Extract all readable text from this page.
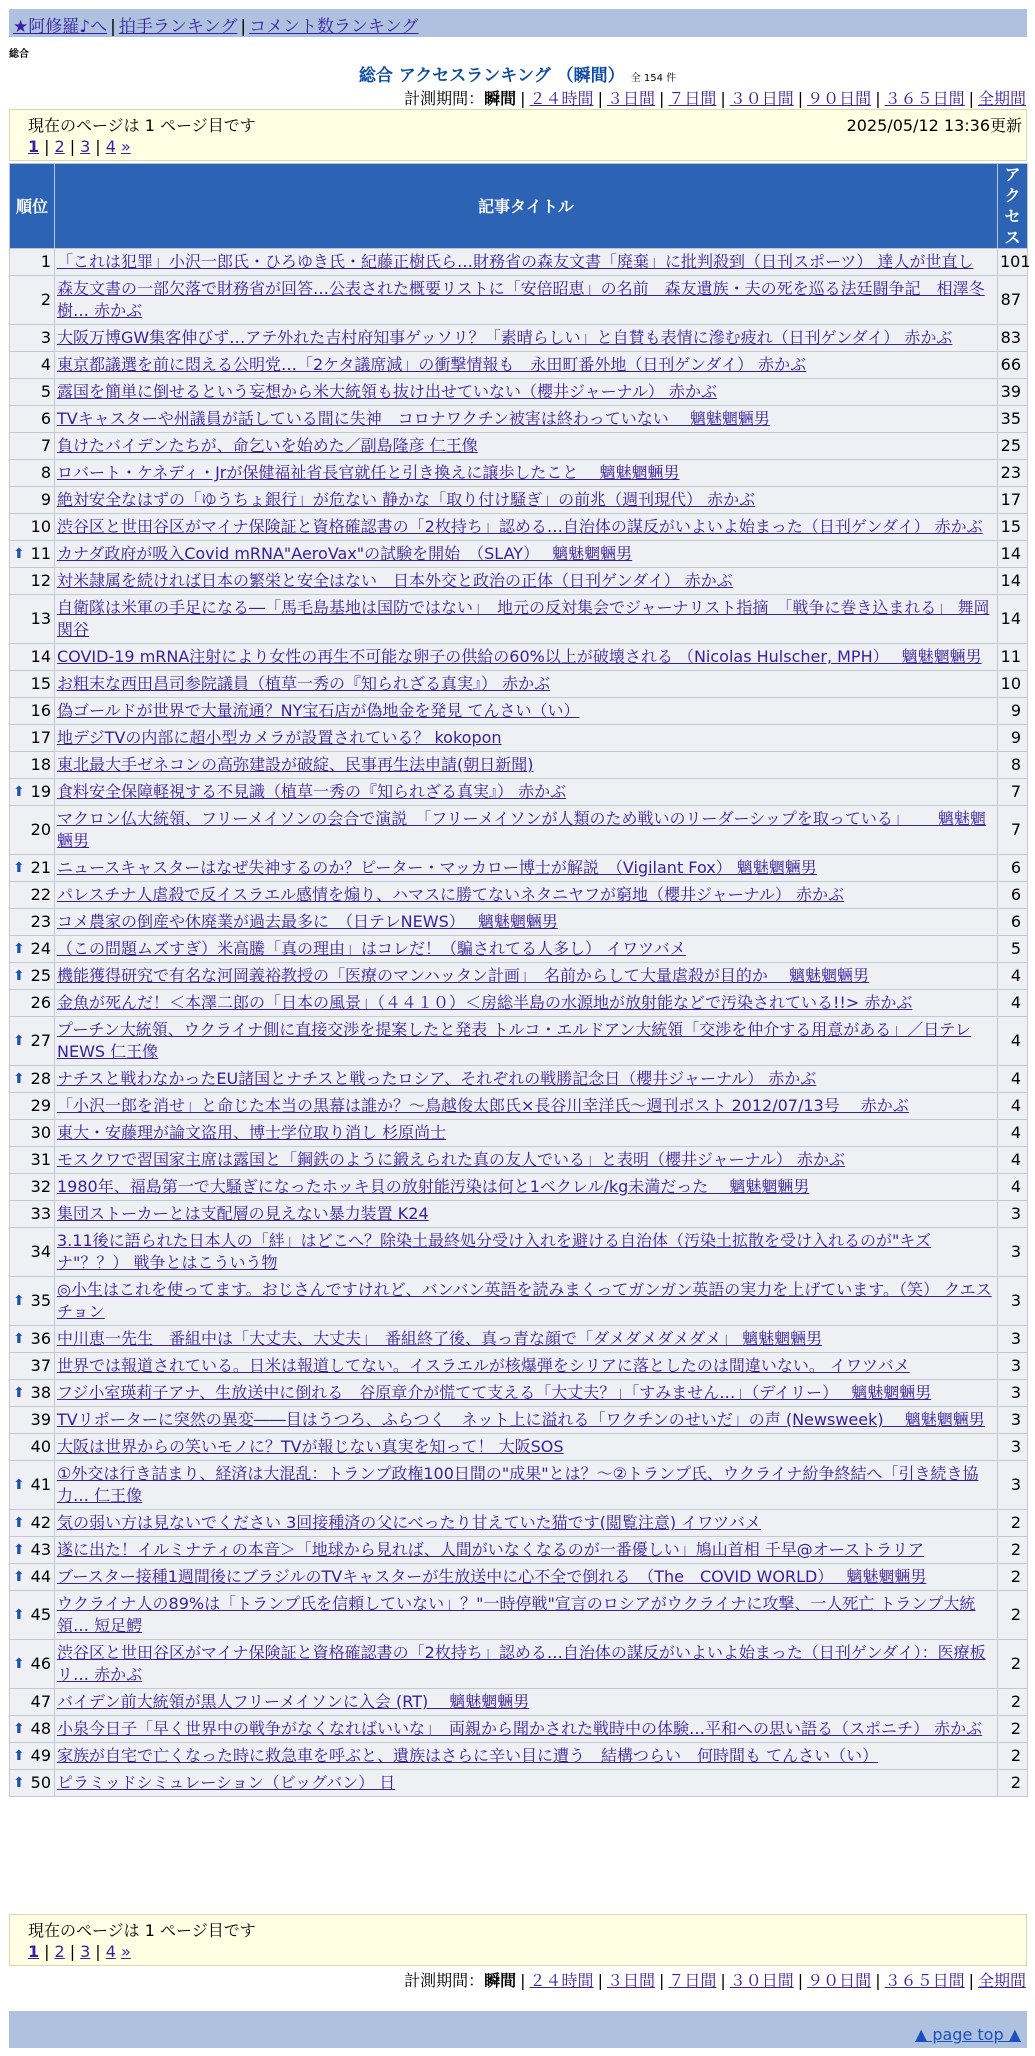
★阿修羅♪へ | 拍手ランキング | コメント数ランキング
総合
総合 アクセスランキング （瞬間） 全 154 件
計測期間：瞬間 | ２４時間 | ３日間 | ７日間 | ３０日間 | ９０日間 | ３６５日間 | 全期間
現在のページは 1 ページ目です	2025/05/12 13:36更新
1 | 2 | 3 | 4 »
順位	記事タイトル	アクセス
1	「これは犯罪」小沢一郎氏・ひろゆき氏・紀藤正樹氏ら…財務省の森友文書「廃棄」に批判殺到（日刊スポーツ） 達人が世直し	101
2	森友文書の一部欠落で財務省が回答…公表された概要リストに「安倍昭恵」の名前　森友遺族・夫の死を巡る法廷闘争記　相澤冬樹… 赤かぶ	87
3	大阪万博GW集客伸びず…アテ外れた吉村府知事ゲッソリ？「素晴らしい」と自賛も表情に滲む疲れ（日刊ゲンダイ） 赤かぶ	83
4	東京都議選を前に悶える公明党…「2ケタ議席減」の衝撃情報も　永田町番外地（日刊ゲンダイ） 赤かぶ	66
5	露国を簡単に倒せるという妄想から米大統領も抜け出せていない（櫻井ジャーナル） 赤かぶ	39
6	TVキャスターや州議員が話している間に失神　コロナワクチン被害は終わっていない　 魑魅魍魎男	35
7	負けたバイデンたちが、命乞いを始めた／副島隆彦 仁王像	25
8	ロバート・ケネディ・Jrが保健福祉省長官就任と引き換えに譲歩したこと　 魑魅魍魎男	23
9	絶対安全なはずの「ゆうちょ銀行」が危ない 静かな「取り付け騒ぎ」の前兆（週刊現代） 赤かぶ	17
10	渋谷区と世田谷区がマイナ保険証と資格確認書の「2枚持ち」認める…自治体の謀反がいよいよ始まった（日刊ゲンダイ） 赤かぶ	15

⬆ 11	カナダ政府が吸入Covid mRNA"AeroVax"の試験を開始　（SLAY）　 魑魅魍魎男	14
12	対米隷属を続ければ日本の繁栄と安全はない　日本外交と政治の正体（日刊ゲンダイ） 赤かぶ	14
13	自衛隊は米軍の手足になる―「馬毛島基地は国防ではない」　地元の反対集会でジャーナリスト指摘　「戦争に巻き込まれる」 舞岡関谷	14
14	COVID-19 mRNA注射により女性の再生不可能な卵子の供給の60%以上が破壊される （Nicolas Hulscher, MPH）　 魑魅魍魎男	11
15	お粗末な西田昌司参院議員（植草一秀の『知られざる真実』） 赤かぶ	10
16	偽ゴールドが世界で大量流通？NY宝石店が偽地金を発見 てんさい（い）	9
17	地デジTVの内部に超小型カメラが設置されている？ kokopon	9
18	東北最大手ゼネコンの高弥建設が破綻、民事再生法申請(朝日新聞)	8

⬆ 19	食料安全保障軽視する不見識（植草一秀の『知られざる真実』） 赤かぶ	7
20	マクロン仏大統領、フリーメイソンの会合で演説　「フリーメイソンが人類のため戦いのリーダーシップを取っている」　　 魑魅魍魎男	7

⬆ 21	ニュースキャスターはなぜ失神するのか？ピーター・マッカロー博士が解説　（Vigilant Fox） 魑魅魍魎男	6
22	パレスチナ人虐殺で反イスラエル感情を煽り、ハマスに勝てないネタニヤフが窮地（櫻井ジャーナル） 赤かぶ	6
23	コメ農家の倒産や休廃業が過去最多に　（日テレNEWS）　 魑魅魍魎男	6

⬆ 24	（この問題ムズすぎ）米高騰「真の理由」はコレだ！（騙されてる人多し） イワツバメ	5

⬆ 25	機能獲得研究で有名な河岡義裕教授の「医療のマンハッタン計画」　名前からして大量虐殺が目的か　 魑魅魍魎男	4
26	金魚が死んだ！＜本澤二郎の「日本の風景」（４４１０）＜房総半島の水源地が放射能などで汚染されている!!> 赤かぶ	4

⬆ 27	プーチン大統領、ウクライナ側に直接交渉を提案したと発表 トルコ・エルドアン大統領「交渉を仲介する用意がある」／日テレNEWS 仁王像	4

⬆ 28	ナチスと戦わなかったEU諸国とナチスと戦ったロシア、それぞれの戦勝記念日（櫻井ジャーナル） 赤かぶ	4
29	「小沢一郎を消せ」と命じた本当の黒幕は誰か？～鳥越俊太郎氏×長谷川幸洋氏～週刊ポスト 2012/07/13号　 赤かぶ	4
30	東大・安藤理が論文盗用、博士学位取り消し 杉原尚士	4
31	モスクワで習国家主席は露国と「鋼鉄のように鍛えられた真の友人でいる」と表明（櫻井ジャーナル） 赤かぶ	4
32	1980年、福島第一で大騒ぎになったホッキ貝の放射能汚染は何と1ベクレル/kg未満だった　 魑魅魍魎男	4
33	集団ストーカーとは支配層の見えない暴力装置 K24	3
34	3.11後に語られた日本人の「絆」はどこへ？除染土最終処分受け入れを避ける自治体（汚染土拡散を受け入れるのが"キズナ"？？） 戦争とはこういう物	3

⬆ 35	◎小生はこれを使ってます。おじさんですけれど、バンバン英語を読みまくってガンガン英語の実力を上げています。（笑） クエスチョン	3

⬆ 36	中川恵一先生　番組中は「大丈夫、大丈夫」　番組終了後、真っ青な顔で「ダメダメダメダメ」 魑魅魍魎男	3
37	世界では報道されている。日米は報道してない。イスラエルが核爆弾をシリアに落としたのは間違いない。 イワツバメ	3

⬆ 38	フジ小室瑛莉子アナ、生放送中に倒れる　谷原章介が慌てて支える「大丈夫？」「すみません…」（デイリー）　 魑魅魍魎男	3
39	TVリポーターに突然の異変――目はうつろ、ふらつく　ネット上に溢れる「ワクチンのせいだ」の声 (Newsweek)　 魑魅魍魎男	3
40	大阪は世界からの笑いモノに？TVが報じない真実を知って！ 大阪SOS	3

⬆ 41	①外交は行き詰まり、経済は大混乱：トランプ政権100日間の"成果"とは？～②トランプ氏、ウクライナ紛争終結へ「引き続き協力… 仁王像	3

⬆ 42	気の弱い方は見ないでください 3回接種済の父にべったり甘えていた猫です(閲覧注意) イワツバメ	2

⬆ 43	遂に出た！イルミナティの本音＞「地球から見れば、人間がいなくなるのが一番優しい」鳩山首相 千早@オーストラリア	2

⬆ 44	ブースター接種1週間後にブラジルのTVキャスターが生放送中に心不全で倒れる　（The　COVID WORLD）　 魑魅魍魎男	2

⬆ 45	ウクライナ人の89%は「トランプ氏を信頼していない」？"一時停戦"宣言のロシアがウクライナに攻撃、一人死亡 トランプ大統領… 短足鰐	2

⬆ 46	渋谷区と世田谷区がマイナ保険証と資格確認書の「2枚持ち」認める…自治体の謀反がいよいよ始まった（日刊ゲンダイ）：医療板リ… 赤かぶ	2
47	バイデン前大統領が黒人フリーメイソンに入会 (RT)　 魑魅魍魎男	2

⬆ 48	小泉今日子「早く世界中の戦争がなくなればいいな」　両親から聞かされた戦時中の体験…平和への思い語る（スポニチ） 赤かぶ	2

⬆ 49	家族が自宅で亡くなった時に救急車を呼ぶと、遺族はさらに辛い目に遭う　結構つらい　何時間も てんさい（い）	2

⬆ 50	ピラミッドシミュレーション（ビッグバン） 日	2
現在のページは 1 ページ目です
1 | 2 | 3 | 4 »
計測期間：瞬間 | ２４時間 | ３日間 | ７日間 | ３０日間 | ９０日間 | ３６５日間 | 全期間
▲ page top ▲
